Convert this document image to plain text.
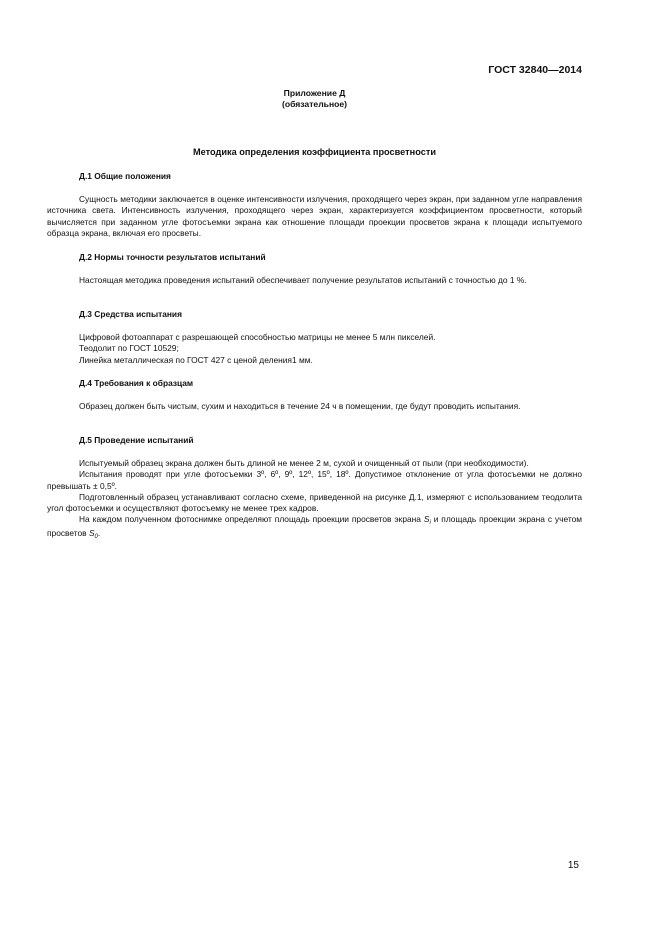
ГОСТ 32840—2014
Приложение Д
(обязательное)
Методика определения коэффициента просветности
Д.1 Общие положения

Сущность методики заключается в оценке интенсивности излучения, проходящего через экран, при заданном угле направления источника света. Интенсивность излучения, проходящего через экран, характеризуется коэффициентом просветности, который вычисляется при заданном угле фотосъемки экрана как отношение площади проекции просветов экрана к площади испытуемого образца экрана, включая его просветы.

Д.2 Нормы точности результатов испытаний

Настоящая методика проведения испытаний обеспечивает получение результатов испытаний с точностью до 1 %.

Д.3 Средства испытания
Цифровой фотоаппарат с разрешающей способностью матрицы не менее 5 млн пикселей.
Теодолит по ГОСТ 10529;
Линейка металлическая по ГОСТ 427 с ценой деления1 мм.
Д.4 Требования к образцам

Образец должен быть чистым, сухим и находиться в течение 24 ч в помещении, где будут проводить испытания.

Д.5 Проведение испытаний

Испытуемый образец экрана должен быть длиной не менее 2 м, сухой и очищенный от пыли (при необходимости).

Испытания проводят при угле фотосъемки 3º, 6º, 9º, 12º, 15º, 18º. Допустимое отклонение от угла фотосъемки не должно превышать ± 0,5º.

Подготовленный образец устанавливают согласно схеме, приведенной на рисунке Д.1, измеряют с использованием теодолита угол фотосъемки и осуществляют фотосъемку не менее трех кадров.

На каждом полученном фотоснимке определяют площадь проекции просветов экрана $S_i$ и площадь проекции экрана с учетом просветов $S_0$.

15
